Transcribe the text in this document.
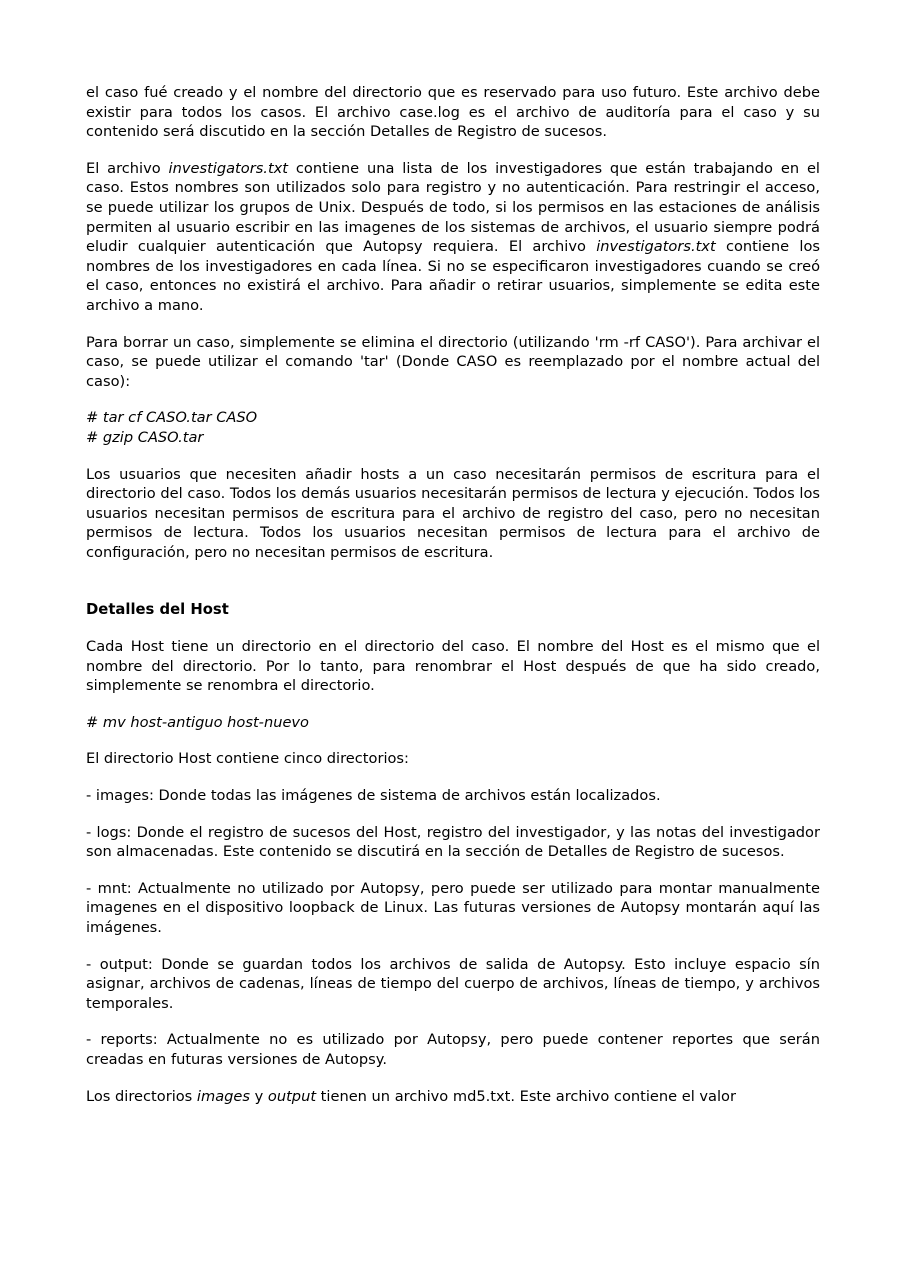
el caso fué creado y el nombre del directorio que es reservado para uso futuro. Este archivo debe existir para todos los casos. El archivo case.log es el archivo de auditoría para el caso y su contenido será discutido en la sección Detalles de Registro de sucesos.

El archivo investigators.txt contiene una lista de los investigadores que están trabajando en el caso. Estos nombres son utilizados solo para registro y no autenticación. Para restringir el acceso, se puede utilizar los grupos de Unix. Después de todo, si los permisos en las estaciones de análisis permiten al usuario escribir en las imagenes de los sistemas de archivos, el usuario siempre podrá eludir cualquier autenticación que Autopsy requiera. El archivo investigators.txt contiene los nombres de los investigadores en cada línea. Si no se especificaron investigadores cuando se creó el caso, entonces no existirá el archivo. Para añadir o retirar usuarios, simplemente se edita este archivo a mano.

Para borrar un caso, simplemente se elimina el directorio (utilizando 'rm -rf CASO'). Para archivar el caso, se puede utilizar el comando 'tar' (Donde CASO es reemplazado por el nombre actual del caso):

# tar cf CASO.tar CASO

# gzip CASO.tar

Los usuarios que necesiten añadir hosts a un caso necesitarán permisos de escritura para el directorio del caso. Todos los demás usuarios necesitarán permisos de lectura y ejecución. Todos los usuarios necesitan permisos de escritura para el archivo de registro del caso, pero no necesitan permisos de lectura. Todos los usuarios necesitan permisos de lectura para el archivo de configuración, pero no necesitan permisos de escritura.

Detalles del Host

Cada Host tiene un directorio en el directorio del caso. El nombre del Host es el mismo que el nombre del directorio. Por lo tanto, para renombrar el Host después de que ha sido creado, simplemente se renombra el directorio.

# mv host-antiguo host-nuevo

El directorio Host contiene cinco directorios:

- images: Donde todas las imágenes de sistema de archivos están localizados.

- logs: Donde el registro de sucesos del Host, registro del investigador, y las notas del investigador son almacenadas. Este contenido se discutirá en la sección de Detalles de Registro de sucesos.

- mnt: Actualmente no utilizado por Autopsy, pero puede ser utilizado para montar manualmente imagenes en el dispositivo loopback de Linux. Las futuras versiones de Autopsy montarán aquí las imágenes.

- output: Donde se guardan todos los archivos de salida de Autopsy. Esto incluye espacio sín asignar, archivos de cadenas, líneas de tiempo del cuerpo de archivos, líneas de tiempo, y archivos temporales.

- reports: Actualmente no es utilizado por Autopsy, pero puede contener reportes que serán creadas en futuras versiones de Autopsy.

Los directorios images y output tienen un archivo md5.txt. Este archivo contiene el valor
